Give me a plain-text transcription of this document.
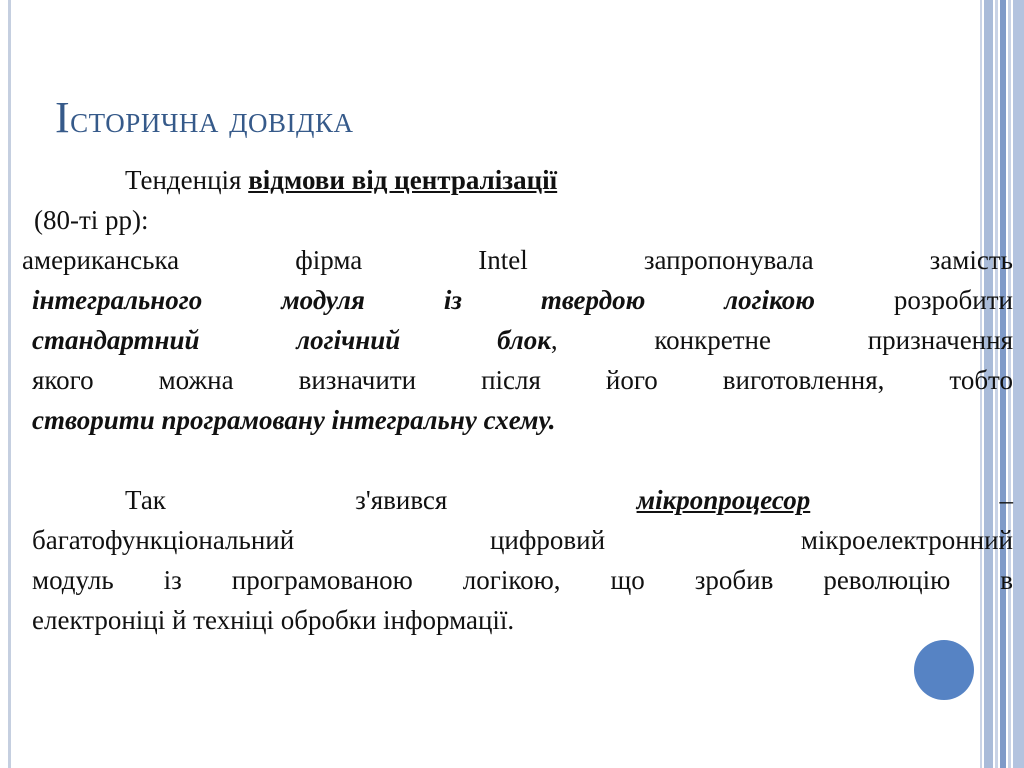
Історична довідка
Тенденція відмови від централізації
(80-ті рр):
американська фірма Intel запропонувала замість
інтегрального модуля із твердою логікою розробити
стандартний логічний блок, конкретне призначення
якого можна визначити після його виготовлення, тобто
створити програмовану інтегральну схему.
Так з'явився мікропроцесор	–
багатофункціональний цифровий мікроелектронний
модуль із програмованою логікою, що зробив революцію в
електроніці й техніці обробки інформації.
